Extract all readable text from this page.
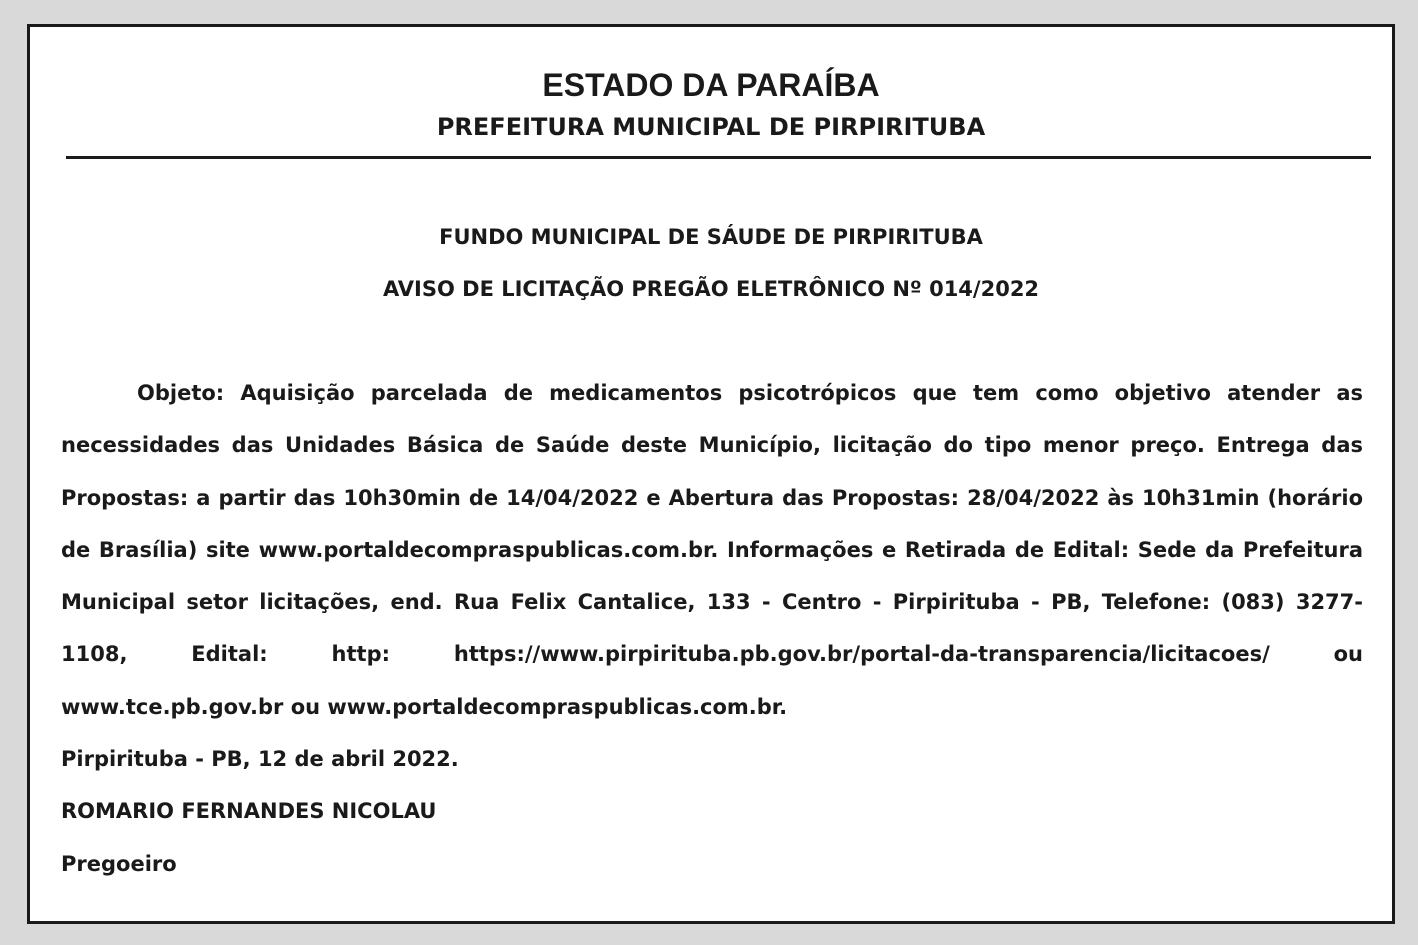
ESTADO DA PARAÍBA
PREFEITURA MUNICIPAL DE PIRPIRITUBA
FUNDO MUNICIPAL DE SÁUDE DE PIRPIRITUBA
AVISO DE LICITAÇÃO PREGÃO ELETRÔNICO Nº 014/2022

Objeto: Aquisição parcelada de medicamentos psicotrópicos que tem como objetivo atender as necessidades das Unidades Básica de Saúde deste Município, licitação do tipo menor preço. Entrega das Propostas: a partir das 10h30min de 14/04/2022 e Abertura das Propostas: 28/04/2022 às 10h31min (horário de Brasília) site www.portaldecompraspublicas.com.br. Informações e Retirada de Edital: Sede da Prefeitura Municipal setor licitações, end. Rua Felix Cantalice, 133 - Centro - Pirpirituba - PB, Telefone: (083) 3277-1108, Edital: http: https://www.pirpirituba.pb.gov.br/portal-da-transparencia/licitacoes/ ou www.tce.pb.gov.br ou www.portaldecompraspublicas.com.br.

Pirpirituba - PB, 12 de abril 2022.

ROMARIO FERNANDES NICOLAU

Pregoeiro
